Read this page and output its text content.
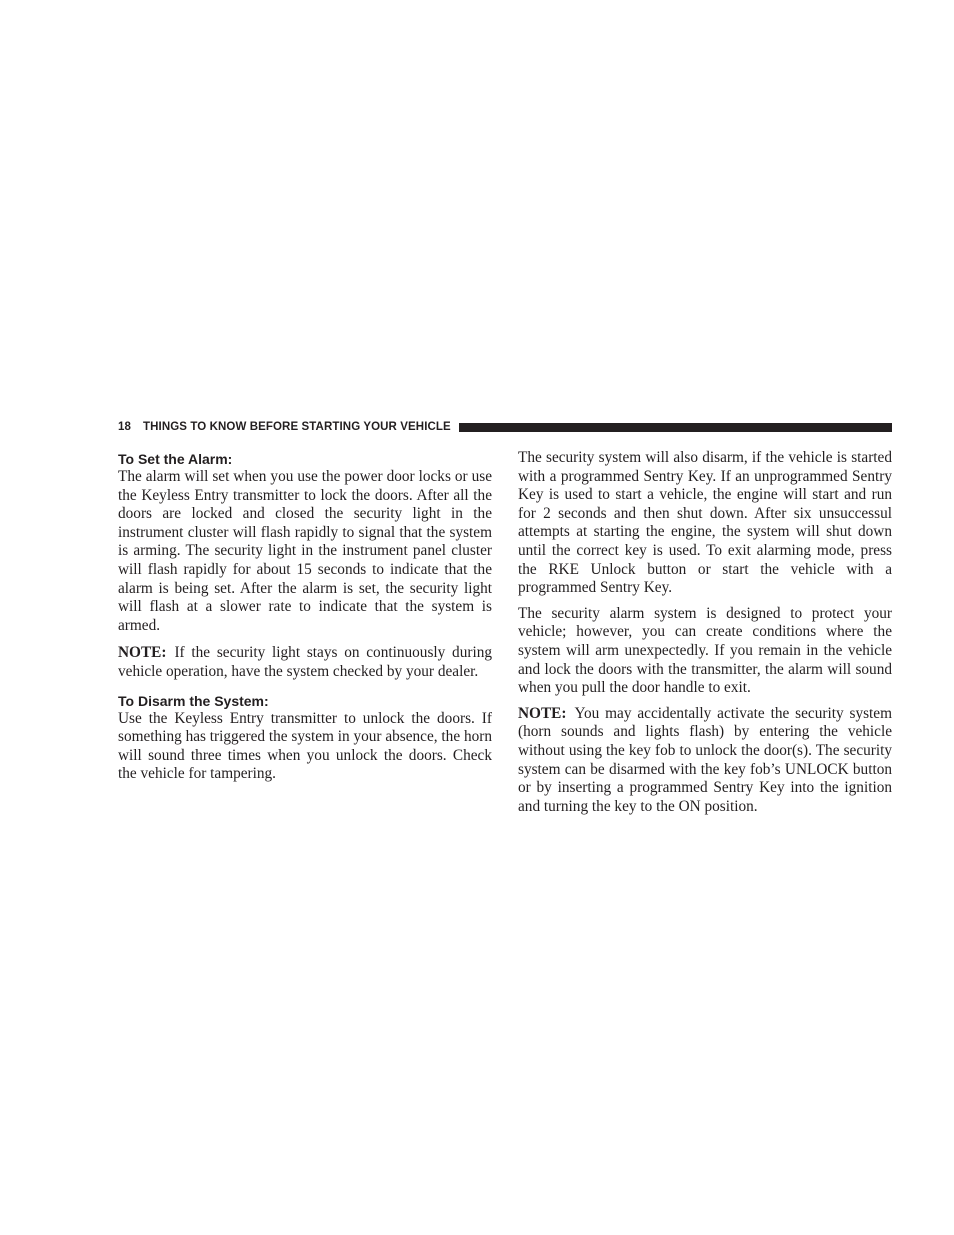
18 THINGS TO KNOW BEFORE STARTING YOUR VEHICLE
To Set the Alarm:

The alarm will set when you use the power door locks or use the Keyless Entry transmitter to lock the doors. After all the doors are locked and closed the security light in the instrument cluster will flash rapidly to signal that the system is arming. The security light in the instrument panel cluster will flash rapidly for about 15 seconds to indicate that the alarm is being set. After the alarm is set, the security light will flash at a slower rate to indicate that the system is armed.

NOTE: If the security light stays on continuously during vehicle operation, have the system checked by your dealer.

To Disarm the System:

Use the Keyless Entry transmitter to unlock the doors. If something has triggered the system in your absence, the horn will sound three times when you unlock the doors. Check the vehicle for tampering.

The security system will also disarm, if the vehicle is started with a programmed Sentry Key. If an unprogrammed Sentry Key is used to start a vehicle, the engine will start and run for 2 seconds and then shut down. After six unsuccessul attempts at starting the engine, the system will shut down until the correct key is used. To exit alarming mode, press the RKE Unlock button or start the vehicle with a programmed Sentry Key.

The security alarm system is designed to protect your vehicle; however, you can create conditions where the system will arm unexpectedly. If you remain in the vehicle and lock the doors with the transmitter, the alarm will sound when you pull the door handle to exit.

NOTE: You may accidentally activate the security system (horn sounds and lights flash) by entering the vehicle without using the key fob to unlock the door(s). The security system can be disarmed with the key fob’s UNLOCK button or by inserting a programmed Sentry Key into the ignition and turning the key to the ON position.
